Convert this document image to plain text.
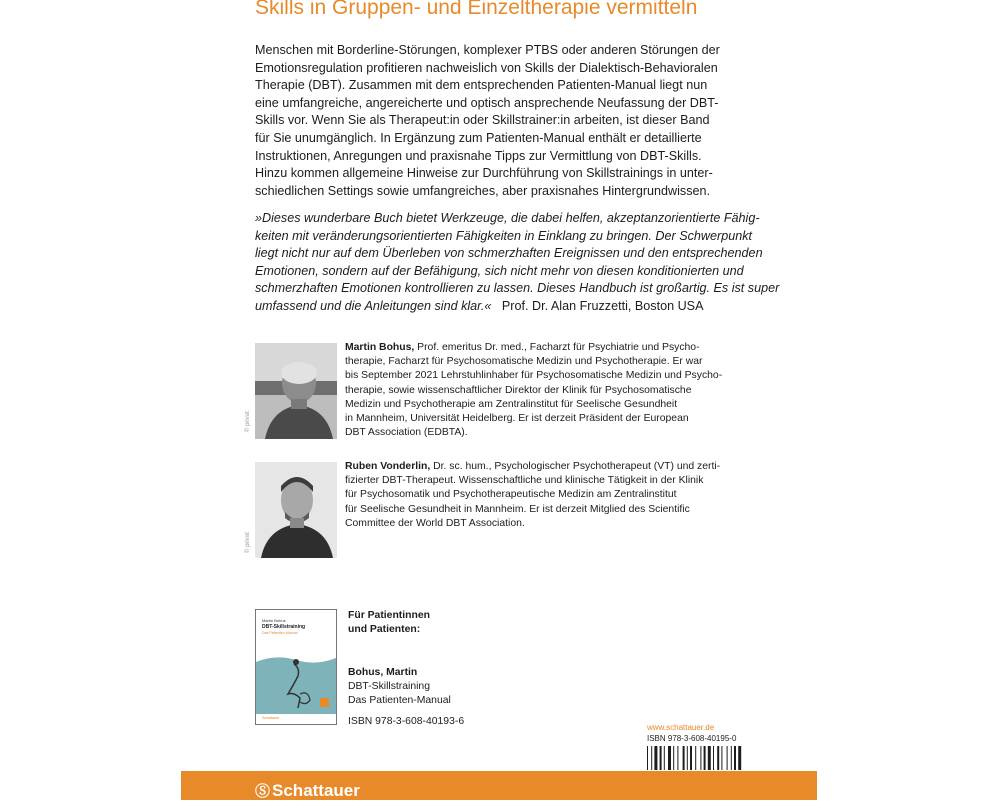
Skills in Gruppen- und Einzeltherapie vermitteln
Menschen mit Borderline-Störungen, komplexer PTBS oder anderen Störungen der
Emotionsregulation profitieren nachweislich von Skills der Dialektisch-Behavioralen
Therapie (DBT). Zusammen mit dem entsprechenden Patienten-Manual liegt nun
eine umfangreiche, angereicherte und optisch ansprechende Neufassung der DBT-
Skills vor. Wenn Sie als Therapeut:in oder Skillstrainer:in arbeiten, ist dieser Band
für Sie unumgänglich. In Ergänzung zum Patienten-Manual enthält er detaillierte
Instruktionen, Anregungen und praxisnahe Tipps zur Vermittlung von DBT-Skills.
Hinzu kommen allgemeine Hinweise zur Durchführung von Skillstrainings in unter-
schiedlichen Settings sowie umfangreiches, aber praxisnahes Hintergrundwissen.
»Dieses wunderbare Buch bietet Werkzeuge, die dabei helfen, akzeptanzorientierte Fähig-
keiten mit veränderungsorientierten Fähigkeiten in Einklang zu bringen. Der Schwerpunkt
liegt nicht nur auf dem Überleben von schmerzhaften Ereignissen und den entsprechenden
Emotionen, sondern auf der Befähigung, sich nicht mehr von diesen konditionierten und
schmerzhaften Emotionen kontrollieren zu lassen. Dieses Handbuch ist großartig. Es ist super
umfassend und die Anleitungen sind klar.« Prof. Dr. Alan Fruzzetti, Boston USA
© privat
Martin Bohus, Prof. emeritus Dr. med., Facharzt für Psychiatrie und Psycho-
therapie, Facharzt für Psychosomatische Medizin und Psychotherapie. Er war
bis September 2021 Lehrstuhlinhaber für Psychosomatische Medizin und Psycho-
therapie, sowie wissenschaftlicher Direktor der Klinik für Psychosomatische
Medizin und Psychotherapie am Zentralinstitut für Seelische Gesundheit
in Mannheim, Universität Heidelberg. Er ist derzeit Präsident der European
DBT Association (EDBTA).
© privat
Ruben Vonderlin, Dr. sc. hum., Psychologischer Psychotherapeut (VT) und zerti-
fizierter DBT-Therapeut. Wissenschaftliche und klinische Tätigkeit in der Klinik
für Psychosomatik und Psychotherapeutische Medizin am Zentralinstitut
für Seelische Gesundheit in Mannheim. Er ist derzeit Mitglied des Scientific
Committee der World DBT Association.
Martin Bohus
DBT-Skillstraining
Das Patienten-Manual
Schattauer
Für Patientinnen
und Patienten:
Bohus, Martin
DBT-Skillstraining
Das Patienten-Manual
ISBN 978-3-608-40193-6
www.schattauer.de
ISBN 978-3-608-40195-0
Ⓢ Schattauer
